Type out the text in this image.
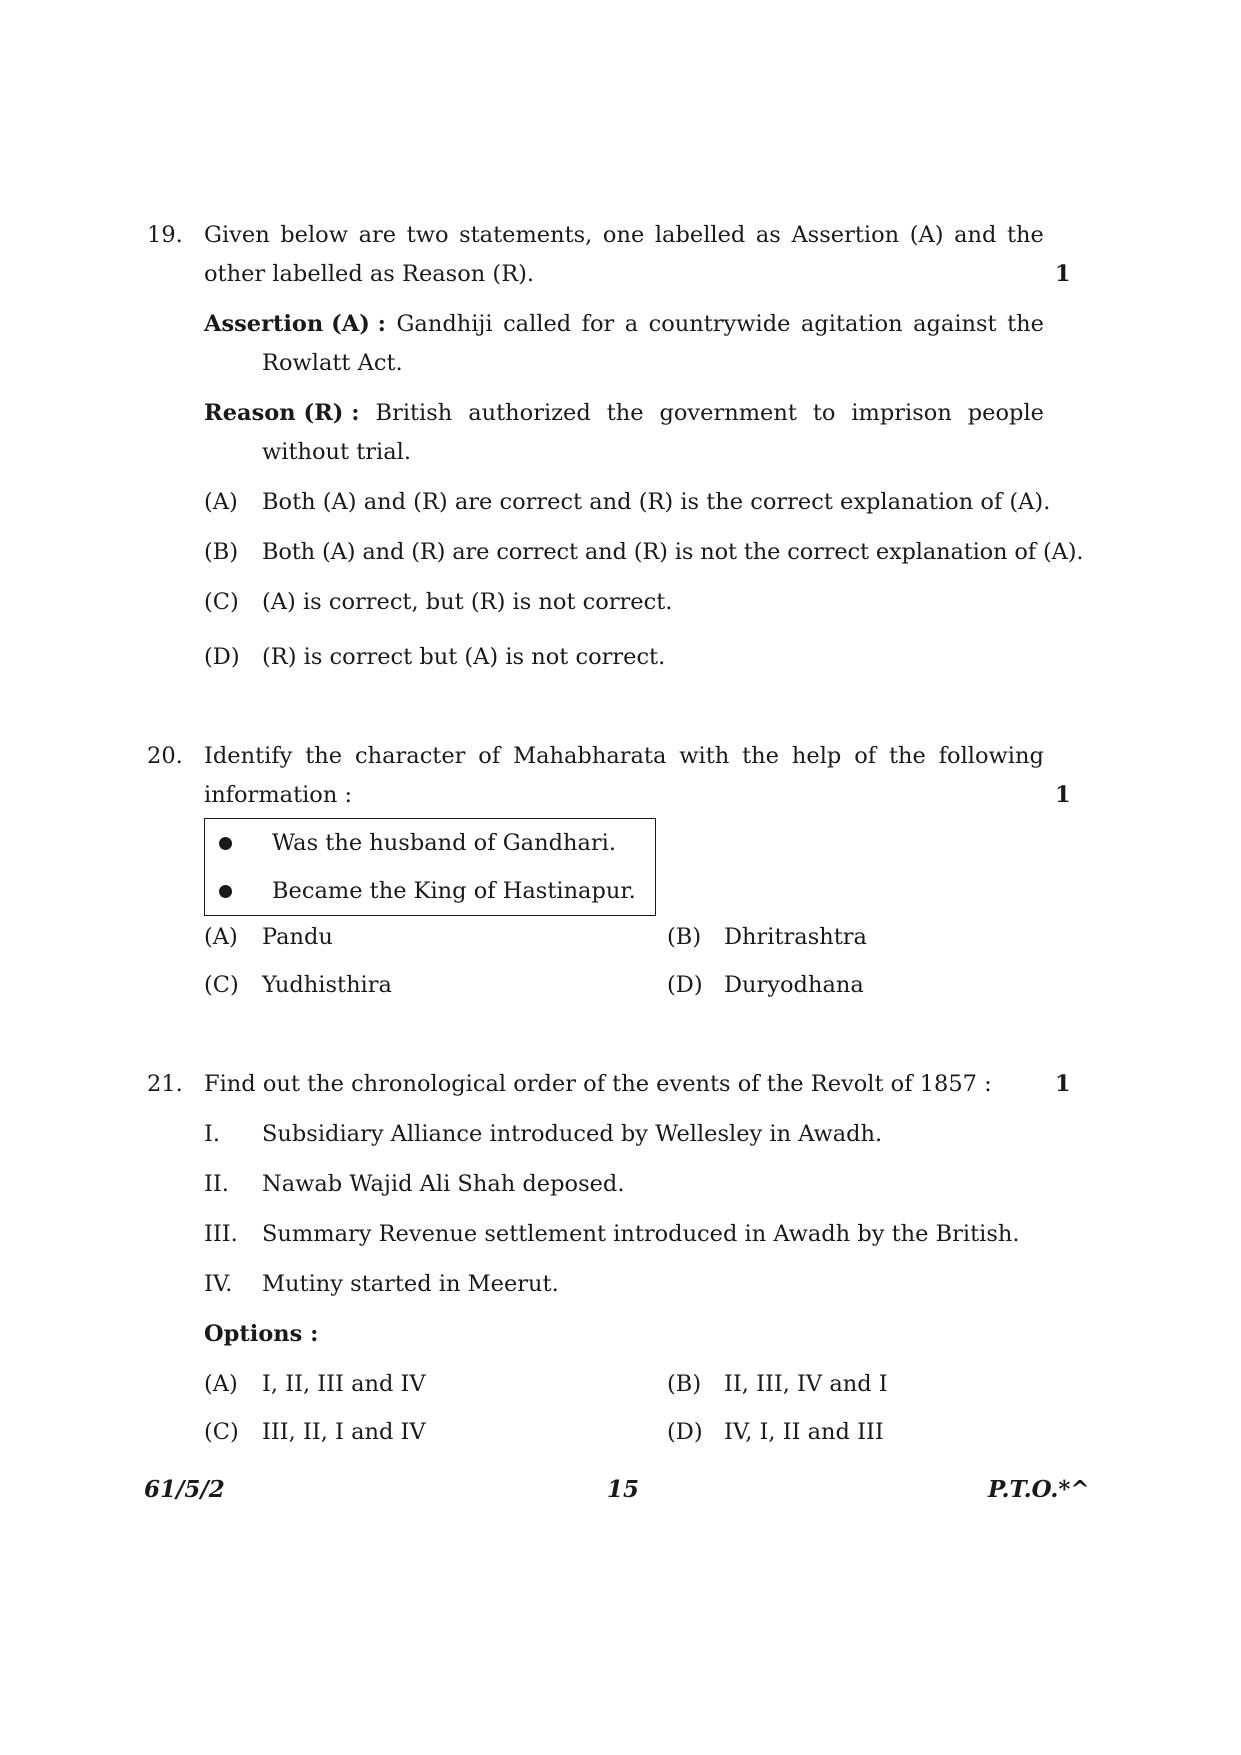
19. Given below are two statements, one labelled as Assertion (A) and the
other labelled as Reason (R).	1
Assertion (A) : Gandhiji called for a countrywide agitation against the
Rowlatt Act.
Reason (R) : British authorized the government to imprison people
without trial.
(A) Both (A) and (R) are correct and (R) is the correct explanation of (A).
(B) Both (A) and (R) are correct and (R) is not the correct explanation of (A).
(C) (A) is correct, but (R) is not correct.
(D) (R) is correct but (A) is not correct.
20. Identify the character of Mahabharata with the help of the following
information :	1
Was the husband of Gandhari.
Became the King of Hastinapur.
(A) Pandu	(B) Dhritrashtra
(C) Yudhisthira	(D) Duryodhana
21. Find out the chronological order of the events of the Revolt of 1857 :	1
I. Subsidiary Alliance introduced by Wellesley in Awadh.
II. Nawab Wajid Ali Shah deposed.
III. Summary Revenue settlement introduced in Awadh by the British.
IV. Mutiny started in Meerut.
Options :
(A) I, II, III and IV	(B) II, III, IV and I
(C) III, II, I and IV	(D) IV, I, II and III
61/5/2	15	P.T.O.*^
